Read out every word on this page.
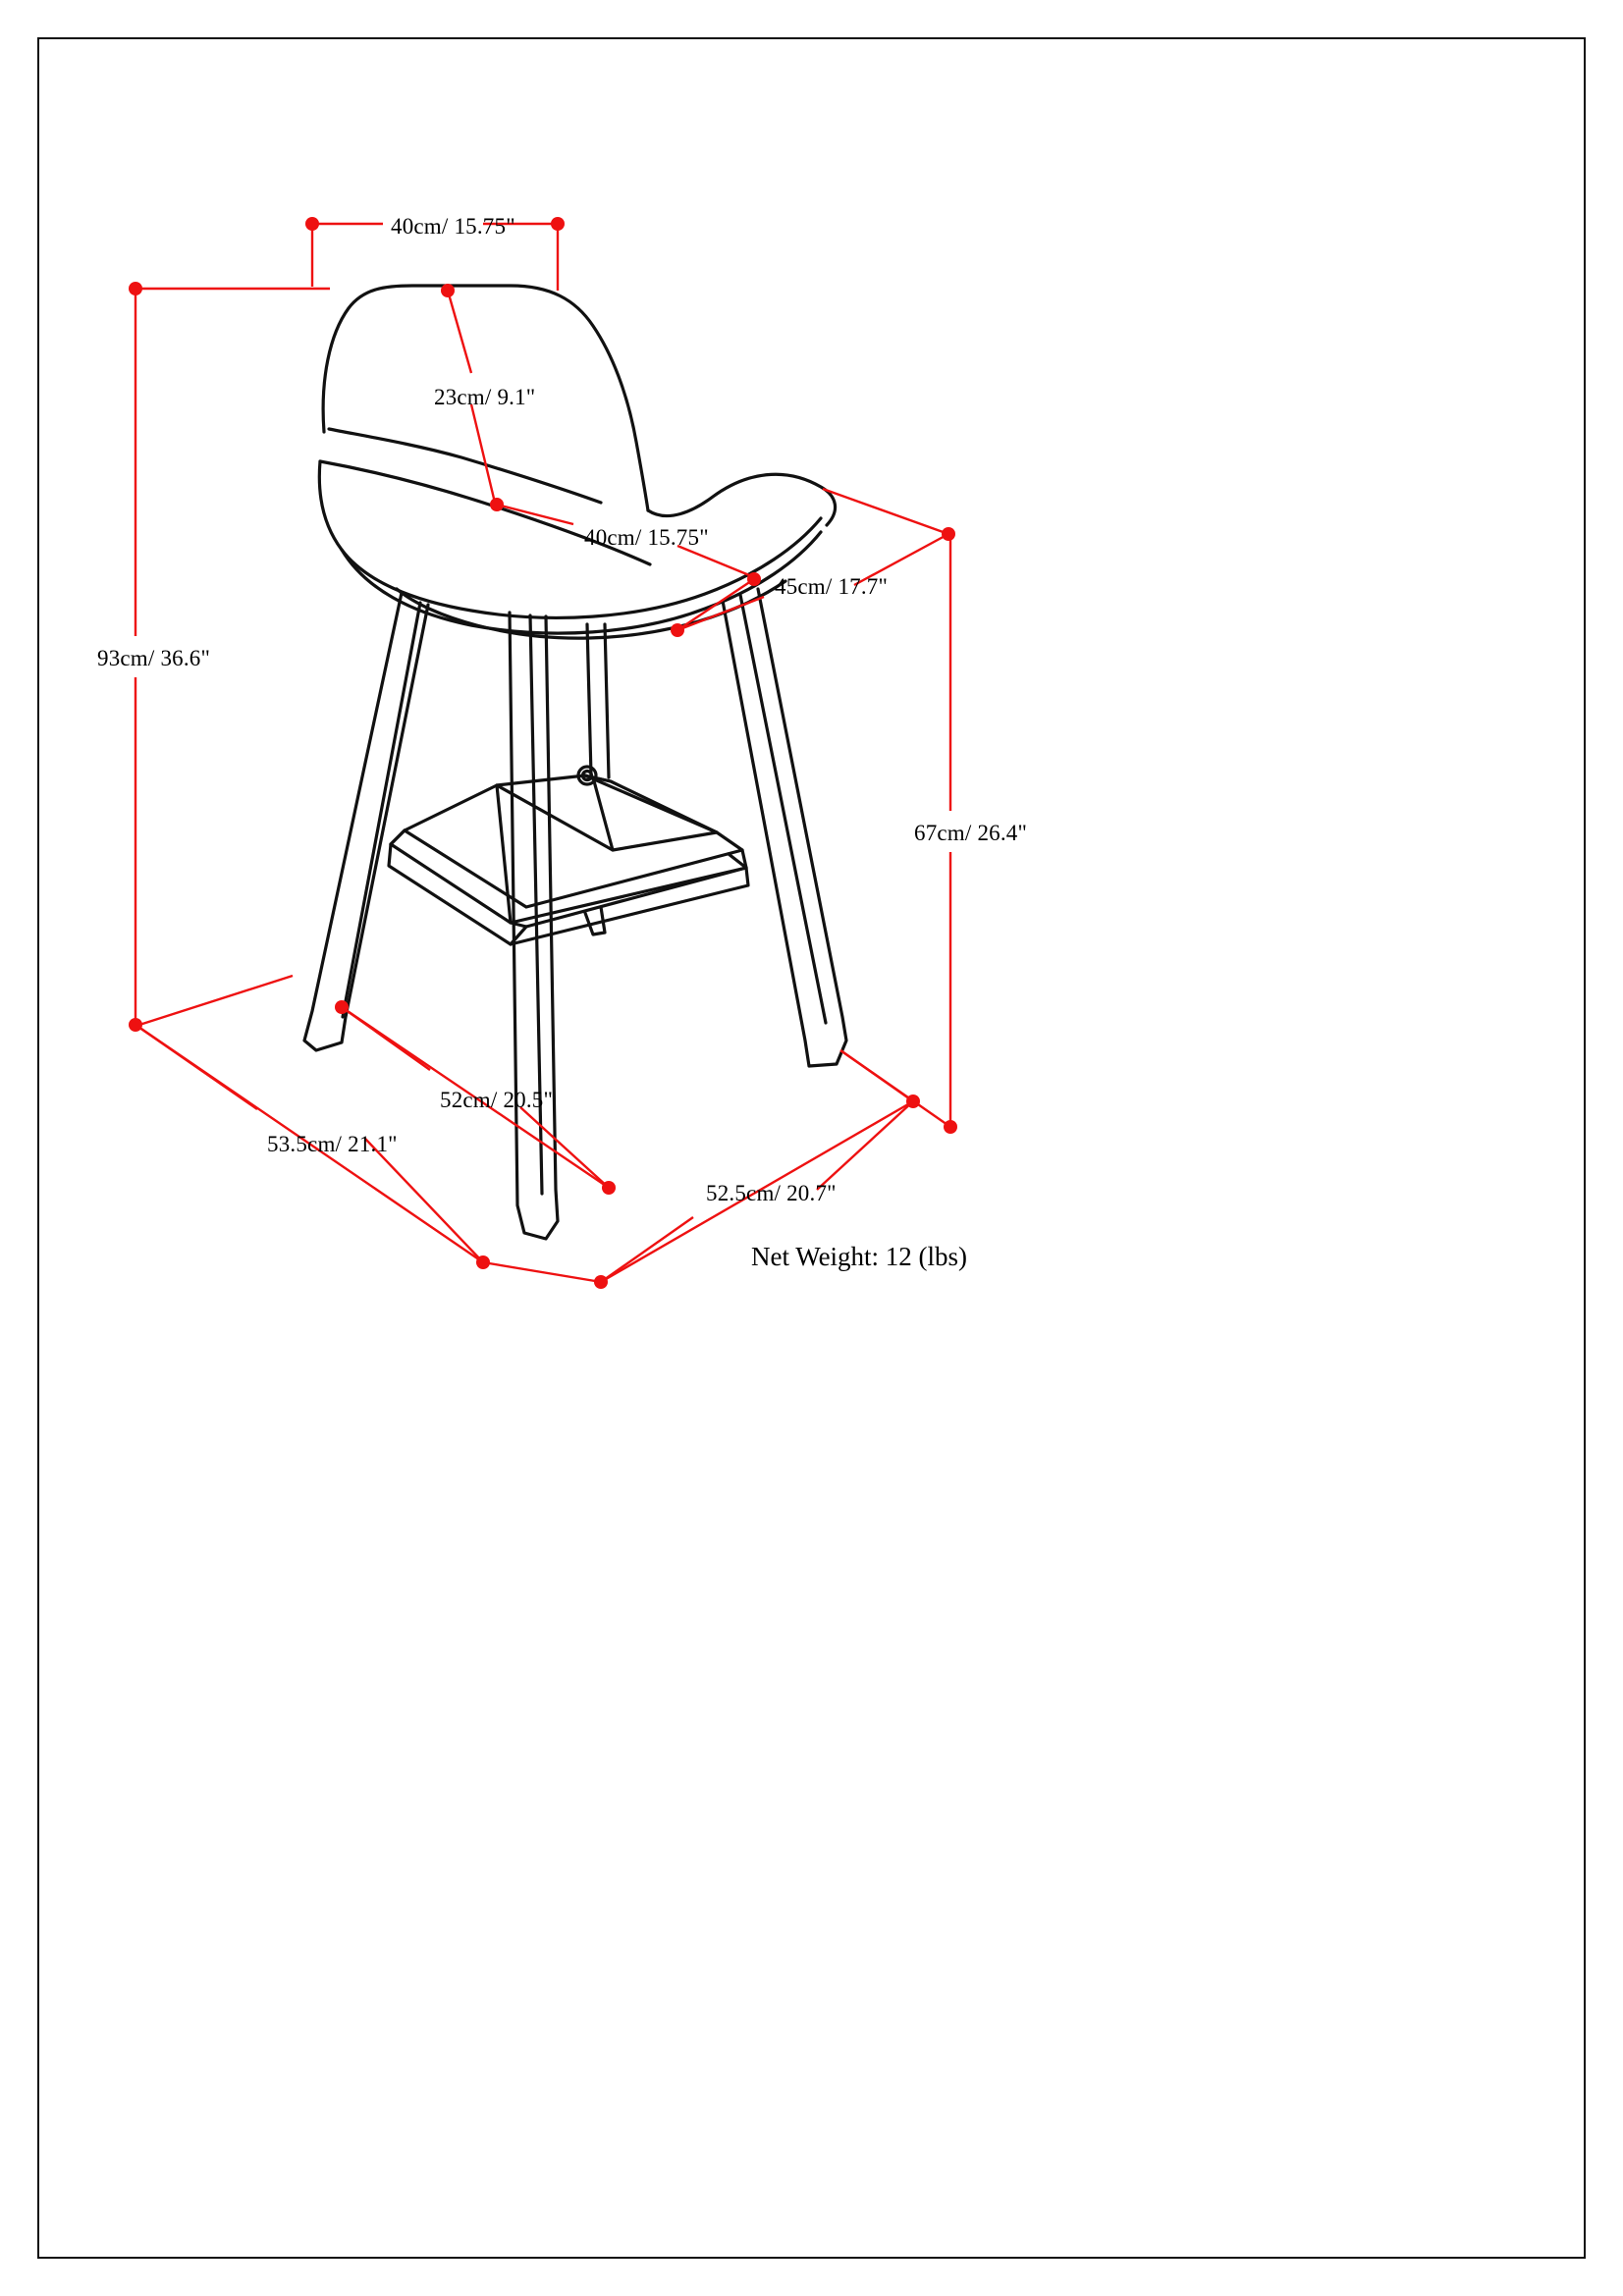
40cm/ 15.75"
23cm/ 9.1"
40cm/ 15.75"
45cm/ 17.7"
93cm/ 36.6"
67cm/ 26.4"
52cm/ 20.5"
53.5cm/ 21.1"
52.5cm/ 20.7"
Net Weight: 12 (lbs)
